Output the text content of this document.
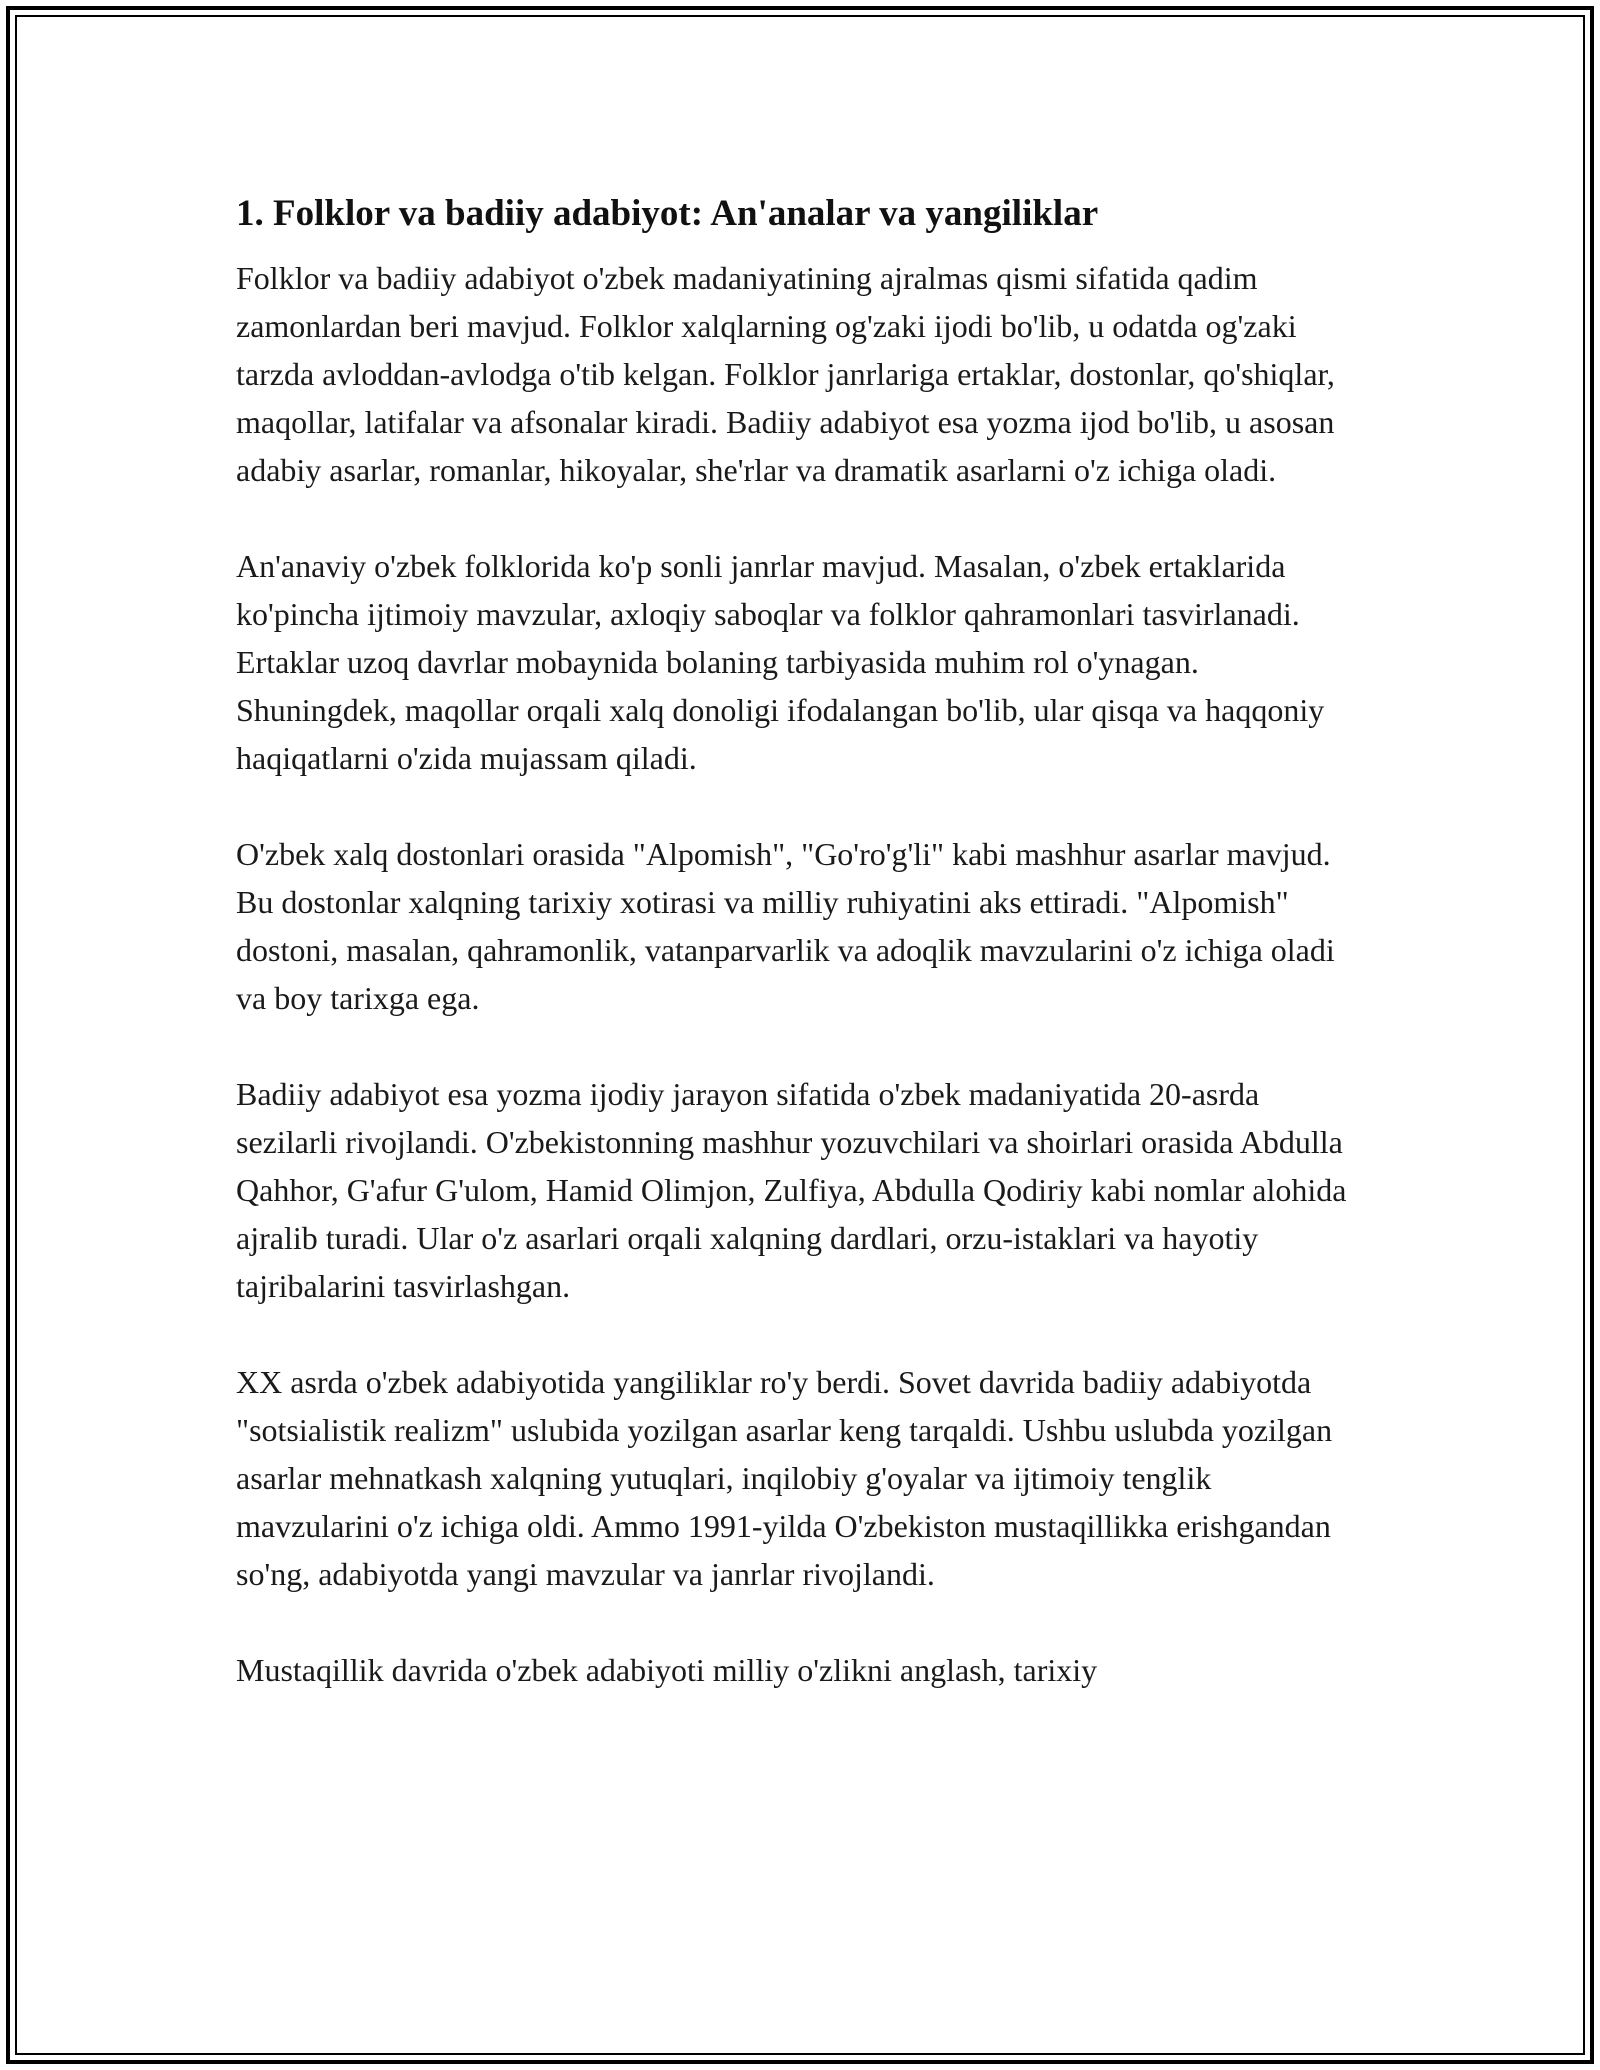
1. Folklor va badiiy adabiyot: An'analar va yangiliklar

Folklor va badiiy adabiyot o'zbek madaniyatining ajralmas qismi sifatida qadim zamonlardan beri mavjud. Folklor xalqlarning og'zaki ijodi bo'lib, u odatda og'zaki tarzda avloddan-avlodga o'tib kelgan. Folklor janrlariga ertaklar, dostonlar, qo'shiqlar, maqollar, latifalar va afsonalar kiradi. Badiiy adabiyot esa yozma ijod bo'lib, u asosan adabiy asarlar, romanlar, hikoyalar, she'rlar va dramatik asarlarni o'z ichiga oladi.

An'anaviy o'zbek folklorida ko'p sonli janrlar mavjud. Masalan, o'zbek ertaklarida ko'pincha ijtimoiy mavzular, axloqiy saboqlar va folklor qahramonlari tasvirlanadi. Ertaklar uzoq davrlar mobaynida bolaning tarbiyasida muhim rol o'ynagan. Shuningdek, maqollar orqali xalq donoligi ifodalangan bo'lib, ular qisqa va haqqoniy haqiqatlarni o'zida mujassam qiladi.

O'zbek xalq dostonlari orasida "Alpomish", "Go'ro'g'li" kabi mashhur asarlar mavjud. Bu dostonlar xalqning tarixiy xotirasi va milliy ruhiyatini aks ettiradi. "Alpomish" dostoni, masalan, qahramonlik, vatanparvarlik va adoqlik mavzularini o'z ichiga oladi va boy tarixga ega.

Badiiy adabiyot esa yozma ijodiy jarayon sifatida o'zbek madaniyatida 20-asrda sezilarli rivojlandi. O'zbekistonning mashhur yozuvchilari va shoirlari orasida Abdulla Qahhor, G'afur G'ulom, Hamid Olimjon, Zulfiya, Abdulla Qodiriy kabi nomlar alohida ajralib turadi. Ular o'z asarlari orqali xalqning dardlari, orzu-istaklari va hayotiy tajribalarini tasvirlashgan.

XX asrda o'zbek adabiyotida yangiliklar ro'y berdi. Sovet davrida badiiy adabiyotda "sotsialistik realizm" uslubida yozilgan asarlar keng tarqaldi. Ushbu uslubda yozilgan asarlar mehnatkash xalqning yutuqlari, inqilobiy g'oyalar va ijtimoiy tenglik mavzularini o'z ichiga oldi. Ammo 1991-yilda O'zbekiston mustaqillikka erishgandan so'ng, adabiyotda yangi mavzular va janrlar rivojlandi.

Mustaqillik davrida o'zbek adabiyoti milliy o'zlikni anglash, tarixiy
